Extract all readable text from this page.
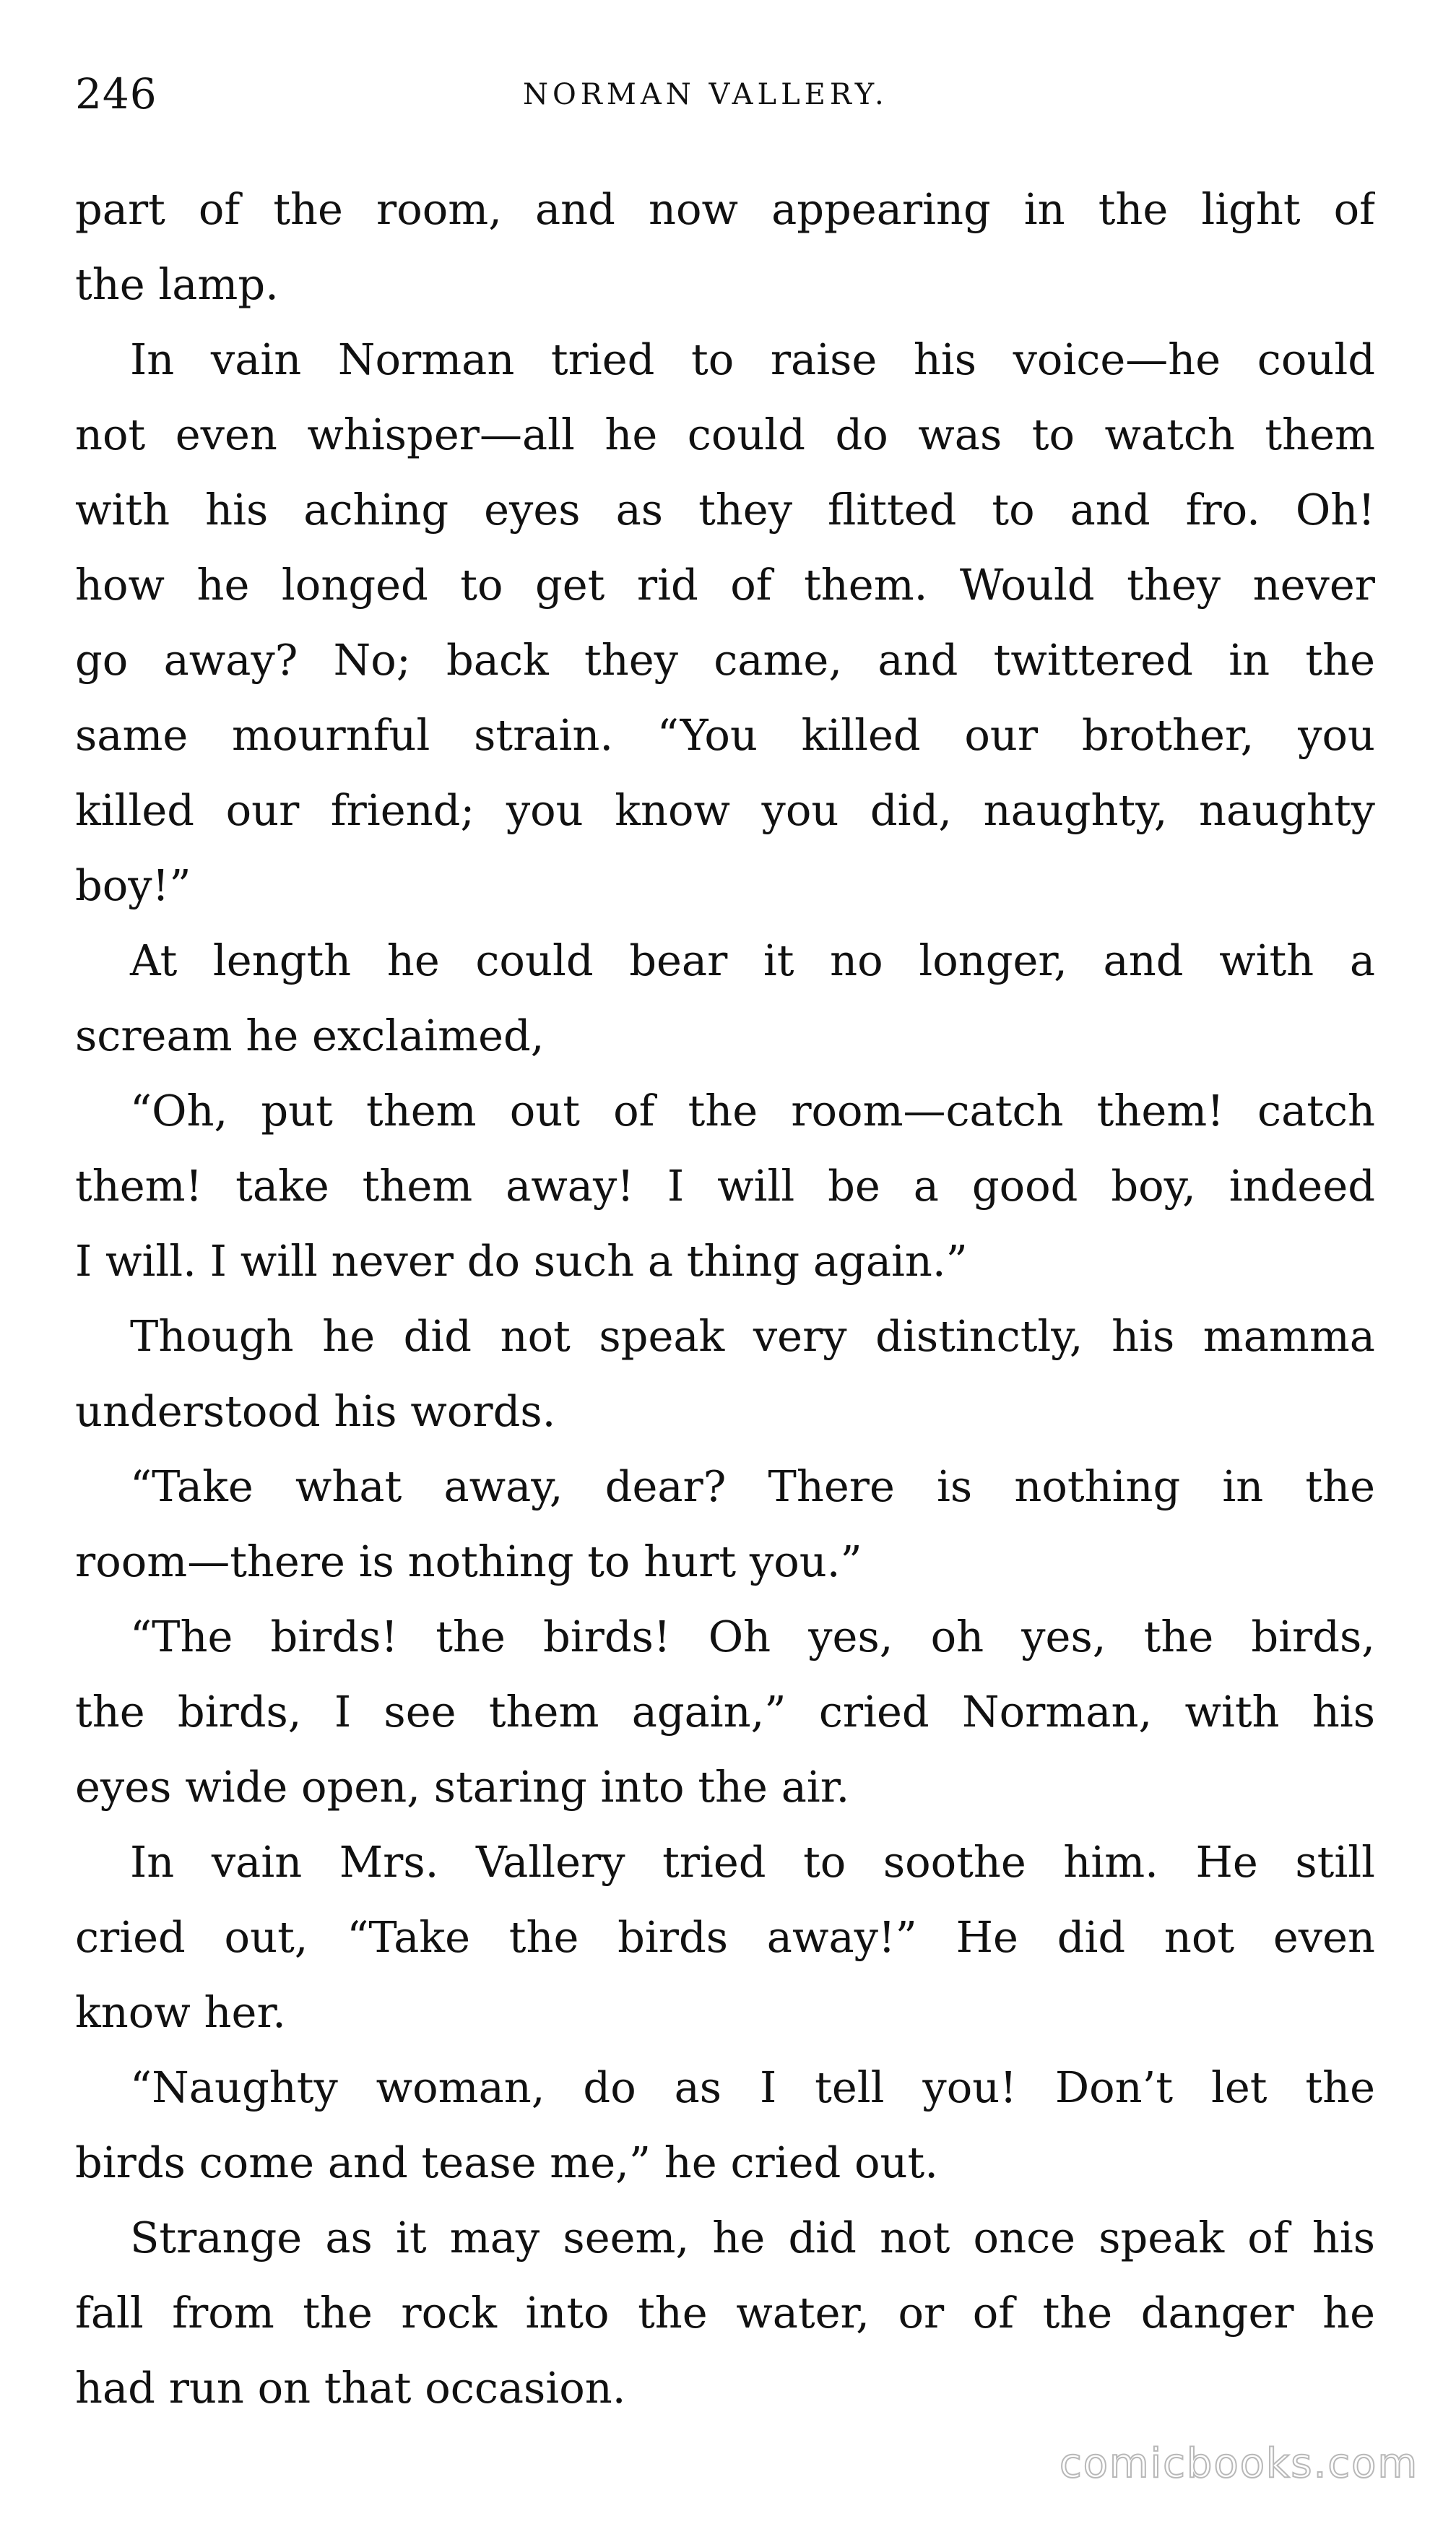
246	NORMAN VALLERY.
part of the room, and now appearing in the light of
the lamp.
In vain Norman tried to raise his voice—he could
not even whisper—all he could do was to watch them
with his aching eyes as they flitted to and fro. Oh!
how he longed to get rid of them. Would they never
go away? No; back they came, and twittered in the
same mournful strain. “You killed our brother, you
killed our friend; you know you did, naughty, naughty
boy!”
At length he could bear it no longer, and with a
scream he exclaimed,
“Oh, put them out of the room—catch them! catch
them! take them away! I will be a good boy, indeed
I will. I will never do such a thing again.”
Though he did not speak very distinctly, his mamma
understood his words.
“Take what away, dear? There is nothing in the
room—there is nothing to hurt you.”
“The birds! the birds! Oh yes, oh yes, the birds,
the birds, I see them again,” cried Norman, with his
eyes wide open, staring into the air.
In vain Mrs. Vallery tried to soothe him. He still
cried out, “Take the birds away!” He did not even
know her.
“Naughty woman, do as I tell you! Don’t let the
birds come and tease me,” he cried out.
Strange as it may seem, he did not once speak of his
fall from the rock into the water, or of the danger he
had run on that occasion.
comicbooks.com
